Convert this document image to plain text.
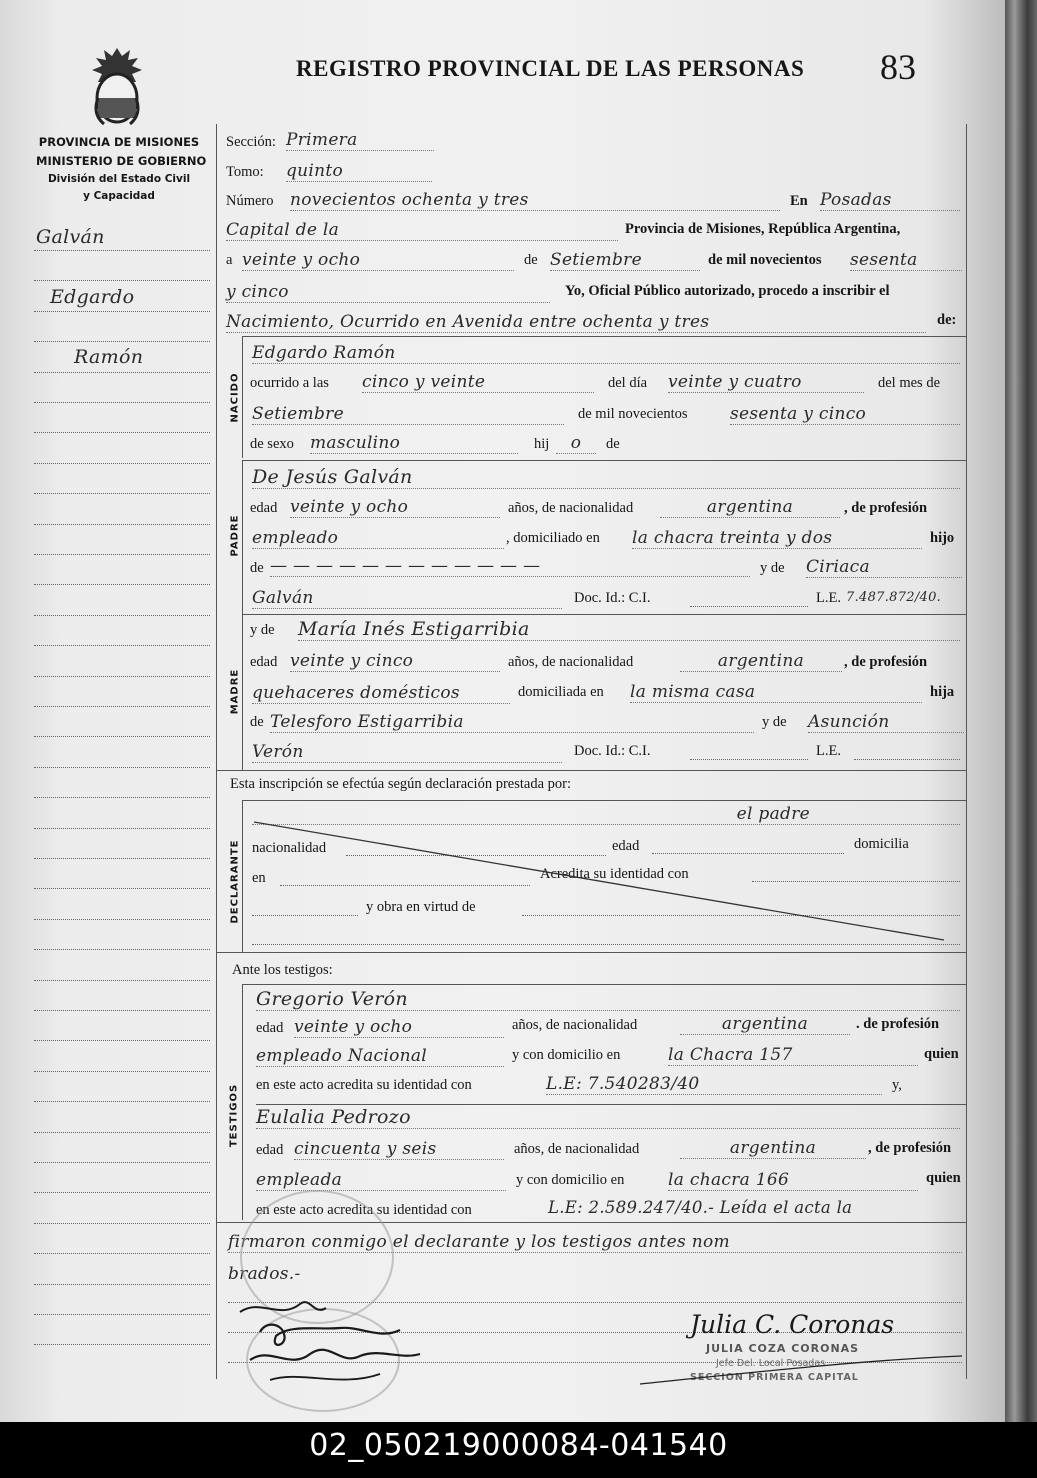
REGISTRO PROVINCIAL DE LAS PERSONAS 83
PROVINCIA DE MISIONES
MINISTERIO DE GOBIERNO
División del Estado Civil
y Capacidad
Galván
Edgardo
Ramón
Sección: Primera
Tomo: quinto
Número novecientos ochenta y tres	En Posadas
Capital de la	Provincia de Misiones, República Argentina,
a veinte y ocho	de Setiembre	de mil novecientos sesenta
y cinco	Yo, Oficial Público autorizado, procedo a inscribir el
Nacimiento, Ocurrido en Avenida entre ochenta y tres	de:
NACIDO
Edgardo Ramón
ocurrido a las cinco y veinte	del día veinte y cuatro	del mes de
Setiembre	de mil novecientos sesenta y cinco
de sexo masculino	hij	o	de
PADRE
De Jesús Galván
edad veinte y ocho	años, de nacionalidad	argentina	, de profesión
empleado	, domiciliado en la chacra treinta y dos	hijo
de — — — — — — — — — — — —	y de Ciriaca
Galván	Doc. Id.: C.I.	L.E. 7.487.872/40.
MADRE
y de María Inés Estigarribia
edad veinte y cinco	años, de nacionalidad	argentina	, de profesión
quehaceres domésticos	domiciliada en la misma casa	hija
de Telesforo Estigarribia	y de Asunción
Verón	Doc. Id.: C.I.	L.E.
Esta inscripción se efectúa según declaración prestada por:
DECLARANTE
el padre
nacionalidad	edad	domicilia
en	Acredita su identidad con
y obra en virtud de
Ante los testigos:
TESTIGOS
Gregorio Verón
edad veinte y ocho	años, de nacionalidad	argentina	. de profesión
empleado Nacional	y con domicilio en	la Chacra 157	quien
en este acto acredita su identidad con	L.E: 7.540283/40	y,
Eulalia Pedrozo
edad cincuenta y seis	años, de nacionalidad	argentina	, de profesión
empleada	y con domicilio en	la chacra 166	quien
en este acto acredita su identidad con	L.E: 2.589.247/40.- Leída el acta la
firmaron conmigo el declarante y los testigos antes nom
brados.-
Julia C. Coronas
JULIA COZA CORONAS
Jefe Del. Local Posadas
SECCION PRIMERA CAPITAL
02_050219000084-041540
